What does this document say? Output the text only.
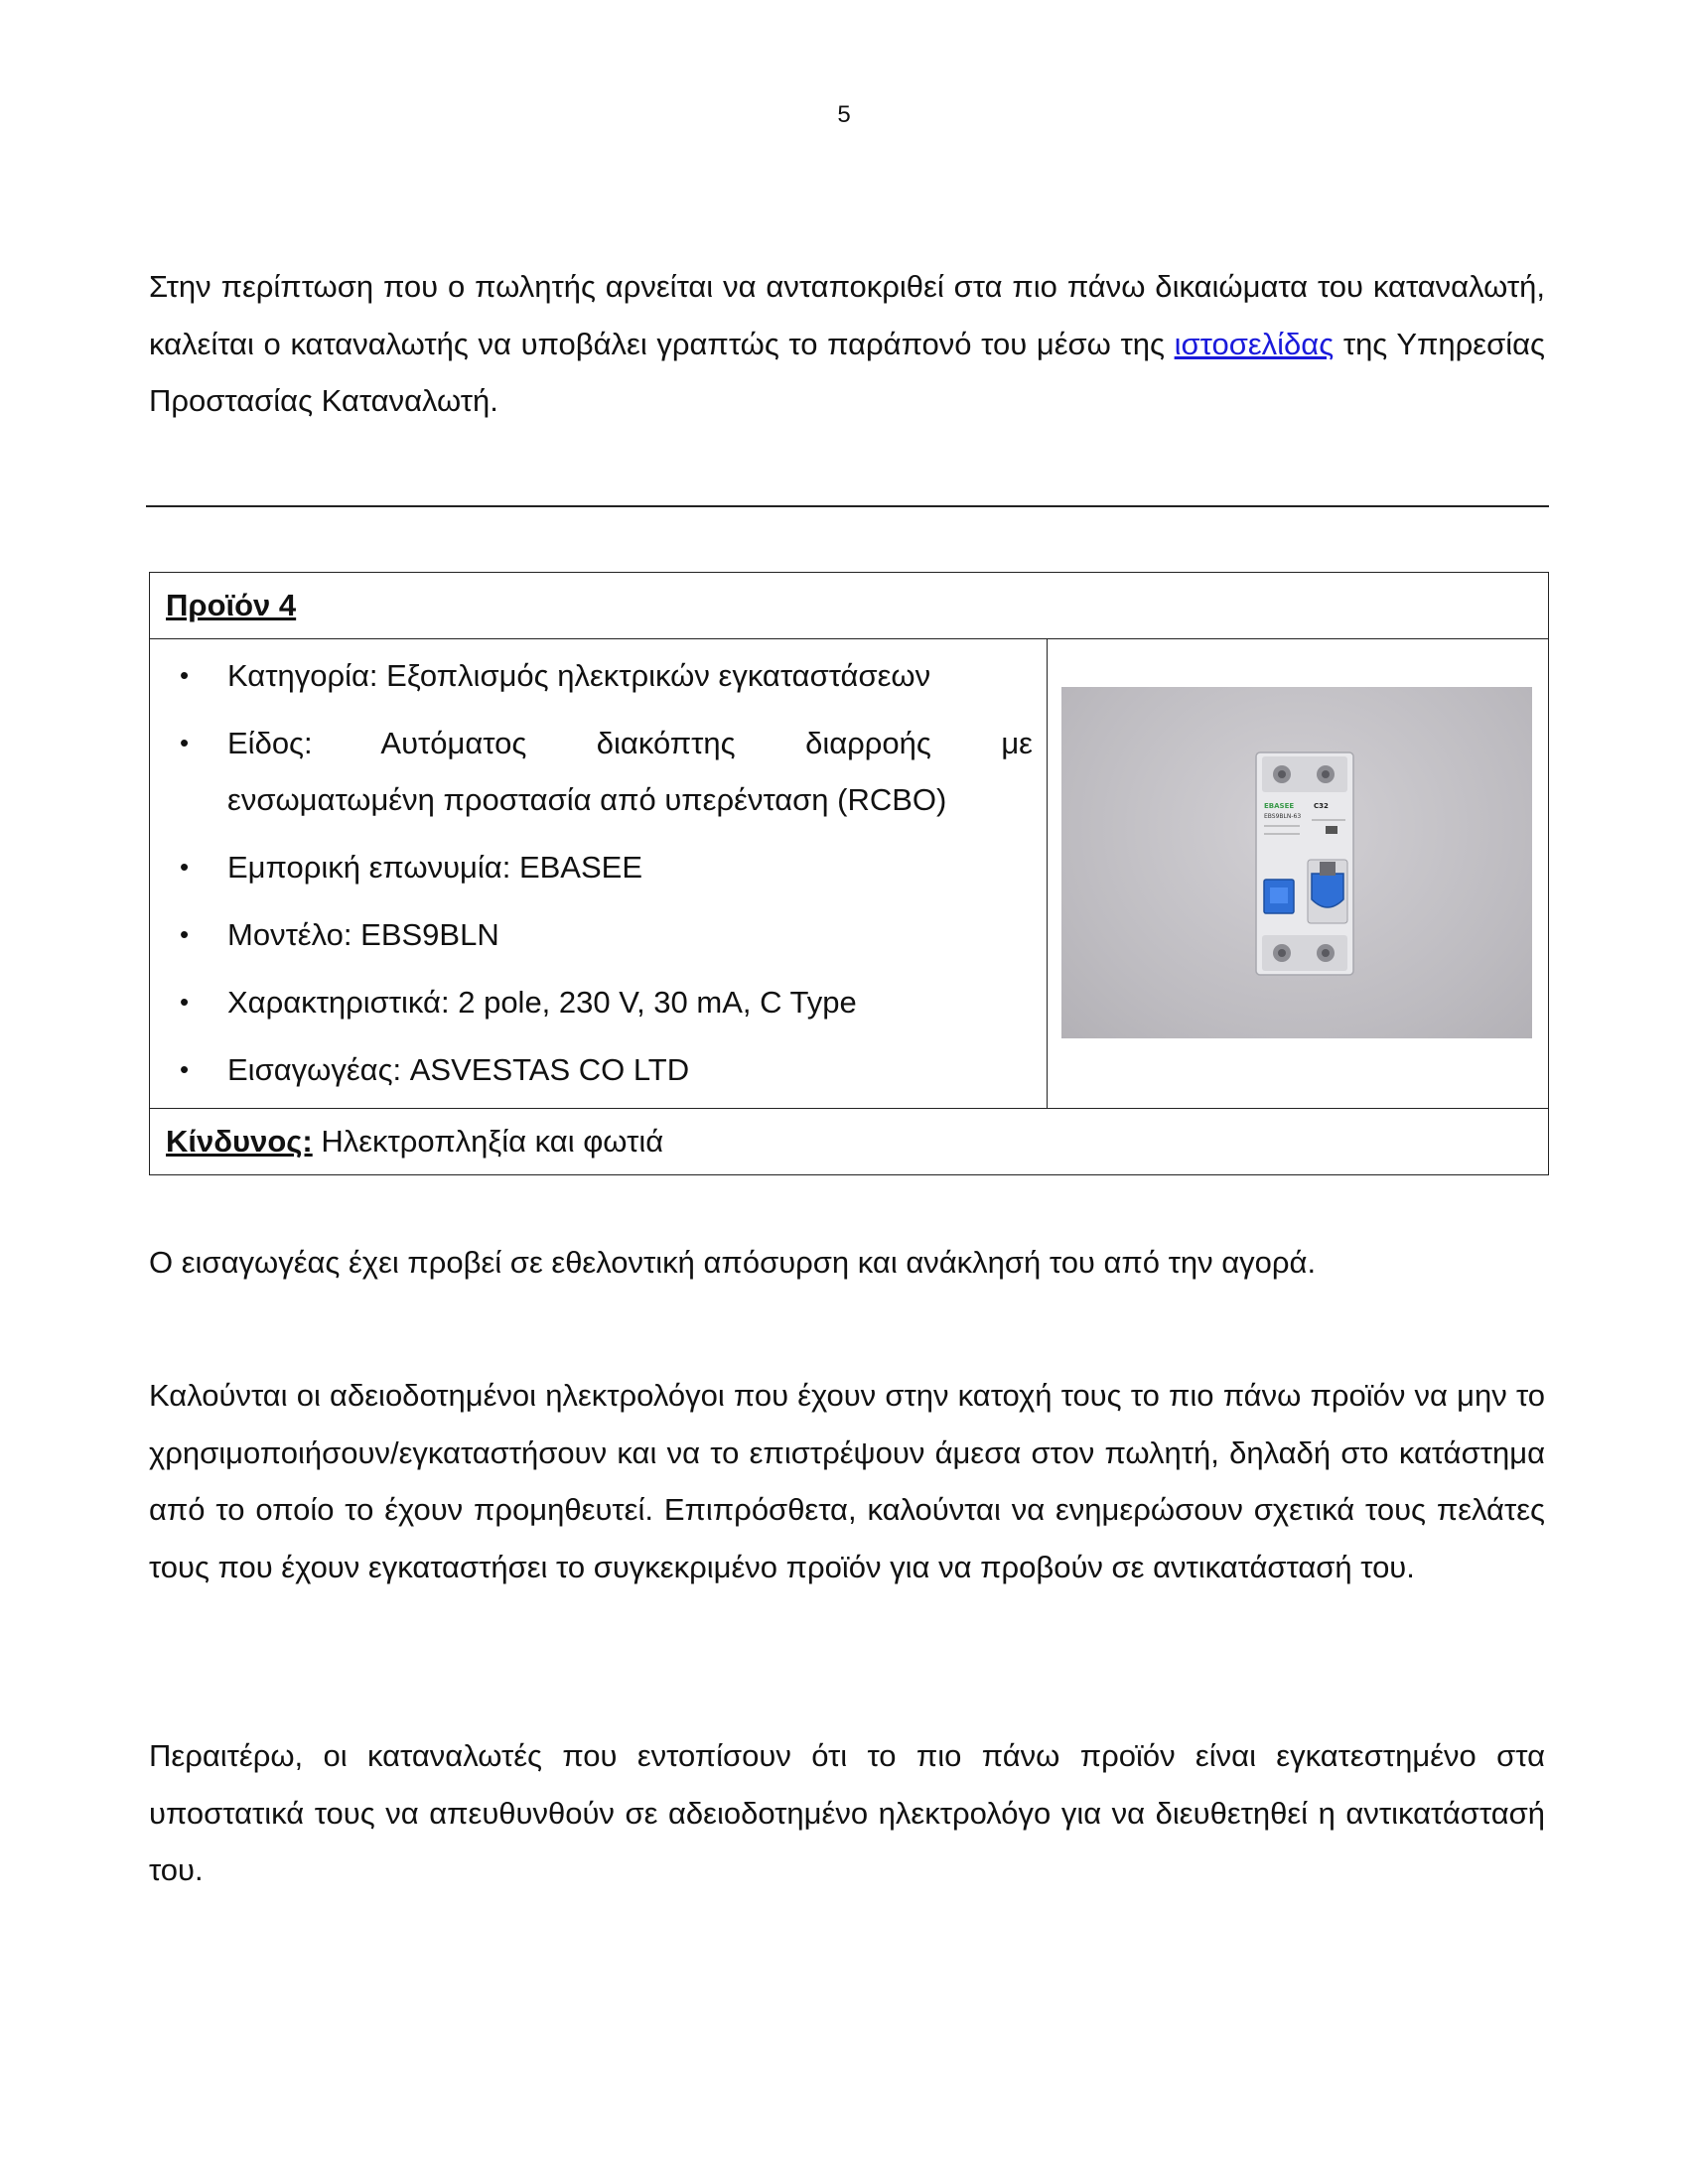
5

Στην περίπτωση που ο πωλητής αρνείται να ανταποκριθεί στα πιο πάνω δικαιώματα του καταναλωτή, καλείται ο καταναλωτής να υποβάλει γραπτώς το παράπονό του μέσω της ιστοσελίδας της Υπηρεσίας Προστασίας Καταναλωτή.

Προϊόν 4

• Κατηγορία: Εξοπλισμός ηλεκτρικών εγκαταστάσεων
• Είδος: Αυτόματος διακόπτης διαρροής με
ενσωματωμένη προστασία από υπερένταση (RCBO)
• Εμπορική επωνυμία: EBASEE
• Μοντέλο: EBS9BLN
• Χαρακτηριστικά: 2 pole, 230 V, 30 mA, C Type
• Εισαγωγέας: ASVESTAS CO LTD

EBASEE
EBS9BLN-63
C32

Κίνδυνος: Ηλεκτροπληξία και φωτιά

Ο εισαγωγέας έχει προβεί σε εθελοντική απόσυρση και ανάκλησή του από την αγορά.

Καλούνται οι αδειοδοτημένοι ηλεκτρολόγοι που έχουν στην κατοχή τους το πιο πάνω προϊόν να μην το χρησιμοποιήσουν/εγκαταστήσουν και να το επιστρέψουν άμεσα στον πωλητή, δηλαδή στο κατάστημα από το οποίο το έχουν προμηθευτεί. Επιπρόσθετα, καλούνται να ενημερώσουν σχετικά τους πελάτες τους που έχουν εγκαταστήσει το συγκεκριμένο προϊόν για να προβούν σε αντικατάστασή του.

Περαιτέρω, οι καταναλωτές που εντοπίσουν ότι το πιο πάνω προϊόν είναι εγκατεστημένο στα υποστατικά τους να απευθυνθούν σε αδειοδοτημένο ηλεκτρολόγο για να διευθετηθεί η αντικατάστασή του.
